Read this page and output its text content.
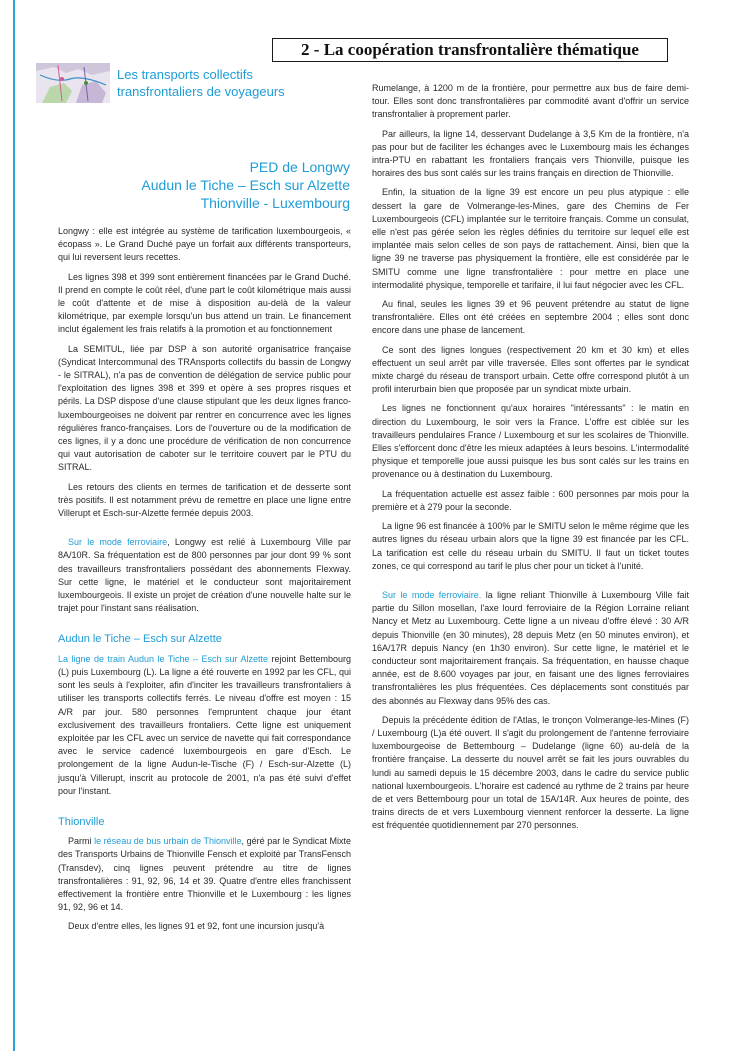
2 - La coopération transfrontalière thématique
Les transports collectifs
transfrontaliers de voyageurs
PED de Longwy
Audun le Tiche – Esch sur Alzette
Thionville - Luxembourg

Longwy : elle est intégrée au système de tarification luxembourgeois, « écopass ». Le Grand Duché paye un forfait aux différents transporteurs, qui lui reversent leurs recettes.

Les lignes 398 et 399 sont entièrement financées par le Grand Duché. Il prend en compte le coût réel, d'une part le coût kilométrique mais aussi le coût d'attente et de mise à disposition au-delà de la valeur kilométrique, par exemple lorsqu'un bus attend un train. Le financement inclut également les frais relatifs à la promotion et au fonctionnement

La SEMITUL, liée par DSP à son autorité organisatrice française (Syndicat Intercommunal des TRAnsports collectifs du bassin de Longwy - le SITRAL), n'a pas de convention de délégation de service public pour l'exploitation des lignes 398 et 399 et opère à ses propres risques et périls. La DSP dispose d'une clause stipulant que les deux lignes franco-luxembourgeoises ne doivent par rentrer en concurrence avec les lignes régulières franco-françaises. Lors de l'ouverture ou de la modification de ces lignes, il y a donc une procédure de vérification de non concurrence qui vaut autorisation de caboter sur le territoire couvert par le PTU du SITRAL.

Les retours des clients en termes de tarification et de desserte sont très positifs. Il est notamment prévu de remettre en place une ligne entre Villerupt et Esch-sur-Alzette fermée depuis 2003.

Sur le mode ferroviaire, Longwy est relié à Luxembourg Ville par 8A/10R. Sa fréquentation est de 800 personnes par jour dont 99 % sont des travailleurs transfrontaliers possédant des abonnements Flexway. Sur cette ligne, le matériel et le conducteur sont majoritairement luxembourgeois. Il existe un projet de création d'une nouvelle halte sur le trajet pour l'instant sans réalisation.

Audun le Tiche – Esch sur Alzette

La ligne de train Audun le Tiche – Esch sur Alzette rejoint Bettembourg (L) puis Luxembourg (L). La ligne a été rouverte en 1992 par les CFL, qui sont les seuls à l'exploiter, afin d'inciter les travailleurs transfrontaliers à utiliser les transports collectifs ferrés. Le niveau d'offre est moyen : 15 A/R par jour. 580 personnes l'empruntent chaque jour étant exclusivement des travailleurs frontaliers. Cette ligne est uniquement exploitée par les CFL avec un service de navette qui fait correspondance avec le service cadencé luxembourgeois en gare d'Esch. Le prolongement de la ligne Audun-le-Tische (F) / Esch-sur-Alzette (L) jusqu'à Villerupt, inscrit au protocole de 2001, n'a pas été suivi d'effet pour l'instant.

Thionville

Parmi le réseau de bus urbain de Thionville, géré par le Syndicat Mixte des Transports Urbains de Thionville Fensch et exploité par TransFensch (Transdev), cinq lignes peuvent prétendre au titre de lignes transfrontalières : 91, 92, 96, 14 et 39. Quatre d'entre elles franchissent effectivement la frontière entre Thionville et le Luxembourg : les lignes 91, 92, 96 et 14.

Deux d'entre elles, les lignes 91 et 92, font une incursion jusqu'à

Rumelange, à 1200 m de la frontière, pour permettre aux bus de faire demi-tour. Elles sont donc transfrontalières par commodité avant d'offrir un service transfrontalier à proprement parler.

Par ailleurs, la ligne 14, desservant Dudelange à 3,5 Km de la frontière, n'a pas pour but de faciliter les échanges avec le Luxembourg mais les échanges intra-PTU en rabattant les frontaliers français vers Thionville, puisque les horaires des bus sont calés sur les trains français en direction de Thionville.

Enfin, la situation de la ligne 39 est encore un peu plus atypique : elle dessert la gare de Volmerange-les-Mines, gare des Chemins de Fer Luxembourgeois (CFL) implantée sur le territoire français. Comme un consulat, elle n'est pas gérée selon les règles définies du territoire sur lequel elle est implantée mais selon celles de son pays de rattachement. Ainsi, bien que la ligne 39 ne traverse pas physiquement la frontière, elle est considérée par le SMITU comme une ligne transfrontalière : pour mettre en place une intermodalité physique, temporelle et tarifaire, il lui faut négocier avec les CFL.

Au final, seules les lignes 39 et 96 peuvent prétendre au statut de ligne transfrontalière. Elles ont été créées en septembre 2004 ; elles sont donc encore dans une phase de lancement.

Ce sont des lignes longues (respectivement 20 km et 30 km) et elles effectuent un seul arrêt par ville traversée. Elles sont offertes par le syndicat mixte chargé du réseau de transport urbain. Cette offre correspond plutôt à un profil interurbain bien que proposée par un syndicat mixte urbain.

Les lignes ne fonctionnent qu'aux horaires "intéressants" : le matin en direction du Luxembourg, le soir vers la France. L'offre est ciblée sur les travailleurs pendulaires France / Luxembourg et sur les scolaires de Thionville. Elles s'efforcent donc d'être les mieux adaptées à leurs besoins. L'intermodalité physique et temporelle joue aussi puisque les bus sont calés sur les trains en provenance ou à destination du Luxembourg.

La fréquentation actuelle est assez faible : 600 personnes par mois pour la première et à 279 pour la seconde.

La ligne 96 est financée à 100% par le SMITU selon le même régime que les autres lignes du réseau urbain alors que la ligne 39 est financée par les CFL. La tarification est celle du réseau urbain du SMITU. Il faut un ticket toutes zones, ce qui correspond au tarif le plus cher pour un ticket à l'unité.

Sur le mode ferroviaire. la ligne reliant Thionville à Luxembourg Ville fait partie du Sillon mosellan, l'axe lourd ferroviaire de la Région Lorraine reliant Nancy et Metz au Luxembourg. Cette ligne a un niveau d'offre élevé : 30 A/R depuis Thionville (en 30 minutes), 28 depuis Metz (en 50 minutes environ), et 16A/17R depuis Nancy (en 1h30 environ). Sur cette ligne, le matériel et le conducteur sont majoritairement français. Sa fréquentation, en hausse chaque année, est de 8.600 voyages par jour, en faisant une des lignes ferroviaires transfrontalières les plus fréquentées. Ces déplacements sont constitués par des abonnés au Flexway dans 95% des cas.

Depuis la précédente édition de l'Atlas, le tronçon Volmerange-les-Mines (F) / Luxembourg (L)a été ouvert. Il s'agit du prolongement de l'antenne ferroviaire luxembourgeoise de Bettembourg – Dudelange (ligne 60) au-delà de la frontière française. La desserte du nouvel arrêt se fait les jours ouvrables du lundi au samedi depuis le 15 décembre 2003, dans le cadre du service public national luxembourgeois. L'horaire est cadencé au rythme de 2 trains par heure de et vers Bettembourg pour un total de 15A/14R. Aux heures de pointe, des trains directs de et vers Luxembourg viennent renforcer la desserte. La ligne est fréquentée quotidiennement par 270 personnes.
